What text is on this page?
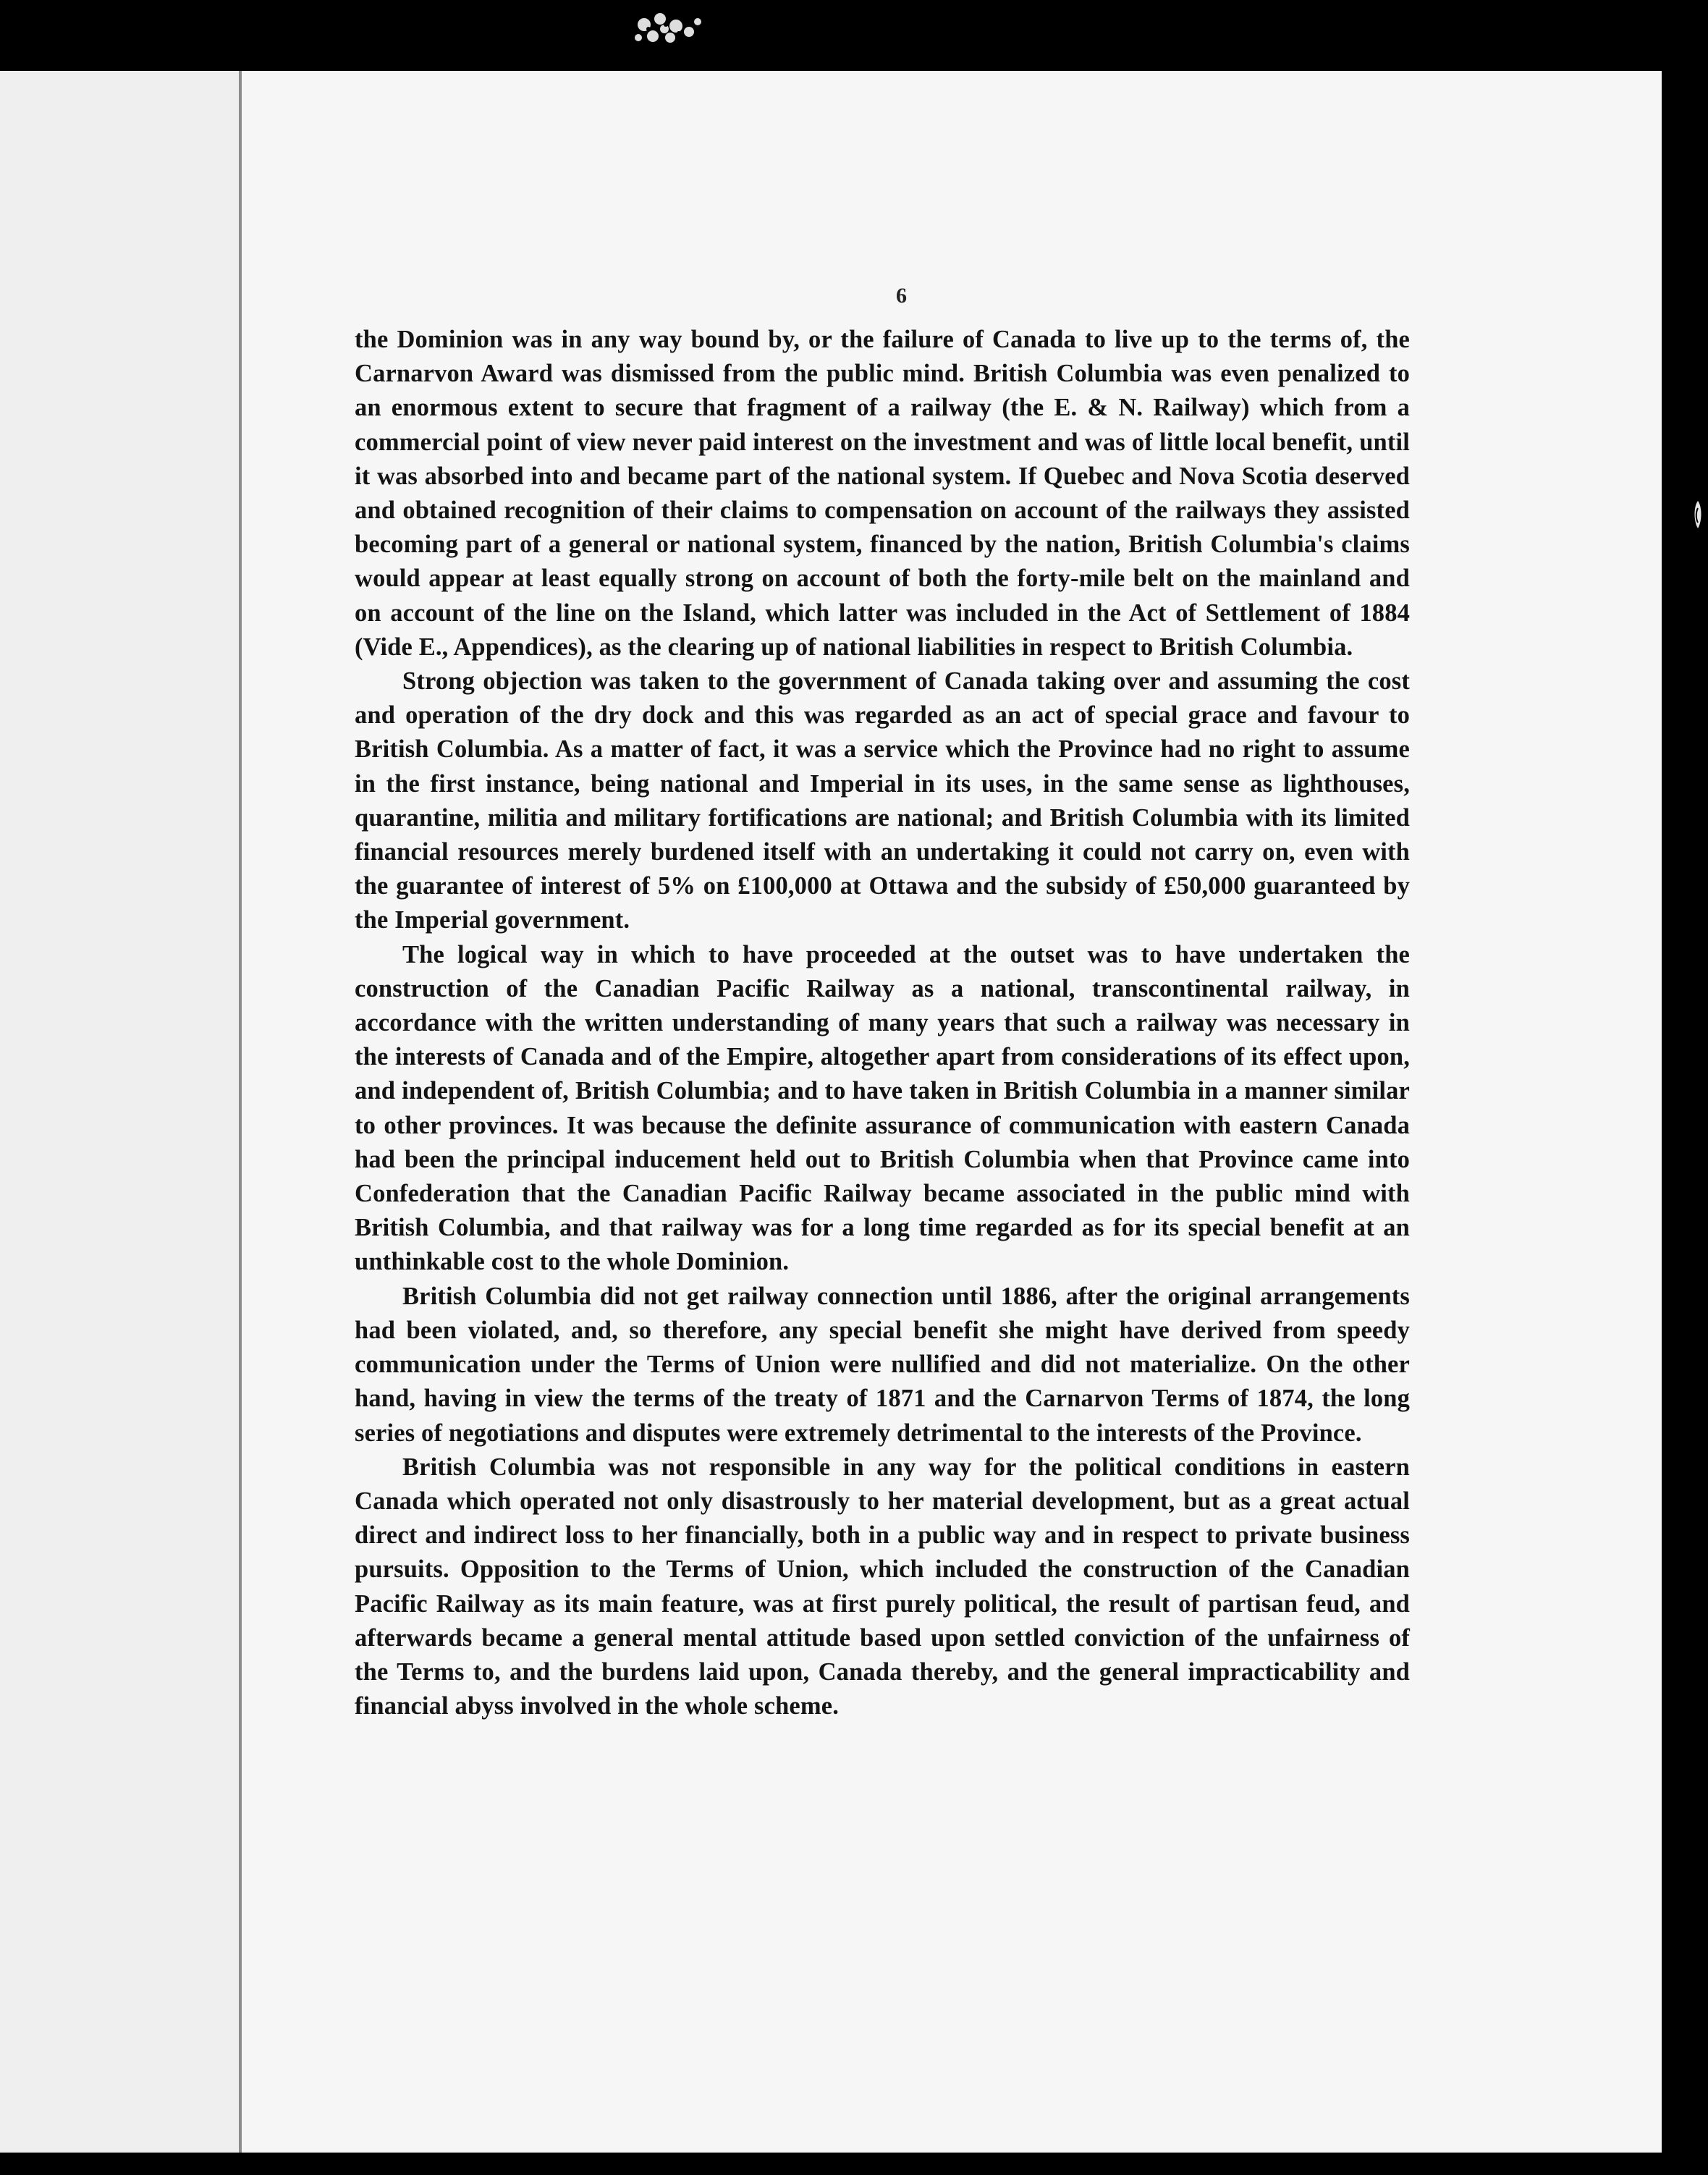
6

the Dominion was in any way bound by, or the failure of Canada to live up to the terms of, the Carnarvon Award was dismissed from the public mind. British Columbia was even penalized to an enormous extent to secure that fragment of a railway (the E. & N. Railway) which from a commercial point of view never paid interest on the investment and was of little local benefit, until it was absorbed into and became part of the national system. If Quebec and Nova Scotia deserved and obtained recognition of their claims to compensation on account of the railways they assisted becoming part of a general or national system, financed by the nation, British Columbia's claims would appear at least equally strong on account of both the forty-mile belt on the mainland and on account of the line on the Island, which latter was included in the Act of Settlement of 1884 (Vide E., Appendices), as the clearing up of national liabilities in respect to British Columbia.

Strong objection was taken to the government of Canada taking over and assuming the cost and operation of the dry dock and this was regarded as an act of special grace and favour to British Columbia. As a matter of fact, it was a service which the Province had no right to assume in the first instance, being national and Imperial in its uses, in the same sense as lighthouses, quarantine, militia and military fortifications are national; and British Columbia with its limited financial resources merely burdened itself with an undertaking it could not carry on, even with the guarantee of interest of 5% on £100,000 at Ottawa and the subsidy of £50,000 guaranteed by the Imperial government.

The logical way in which to have proceeded at the outset was to have undertaken the construction of the Canadian Pacific Railway as a national, transcontinental railway, in accordance with the written understanding of many years that such a railway was necessary in the interests of Canada and of the Empire, altogether apart from considerations of its effect upon, and independent of, British Columbia; and to have taken in British Columbia in a manner similar to other provinces. It was because the definite assurance of communication with eastern Canada had been the principal inducement held out to British Columbia when that Province came into Confederation that the Canadian Pacific Railway became associated in the public mind with British Columbia, and that railway was for a long time regarded as for its special benefit at an unthinkable cost to the whole Dominion.

British Columbia did not get railway connection until 1886, after the original arrangements had been violated, and, so therefore, any special benefit she might have derived from speedy communication under the Terms of Union were nullified and did not materialize. On the other hand, having in view the terms of the treaty of 1871 and the Carnarvon Terms of 1874, the long series of negotiations and disputes were extremely detrimental to the interests of the Province.

British Columbia was not responsible in any way for the political conditions in eastern Canada which operated not only disastrously to her material development, but as a great actual direct and indirect loss to her financially, both in a public way and in respect to private business pursuits. Opposition to the Terms of Union, which included the construction of the Canadian Pacific Railway as its main feature, was at first purely political, the result of partisan feud, and afterwards became a general mental attitude based upon settled conviction of the unfairness of the Terms to, and the burdens laid upon, Canada thereby, and the general impracticability and financial abyss involved in the whole scheme.
